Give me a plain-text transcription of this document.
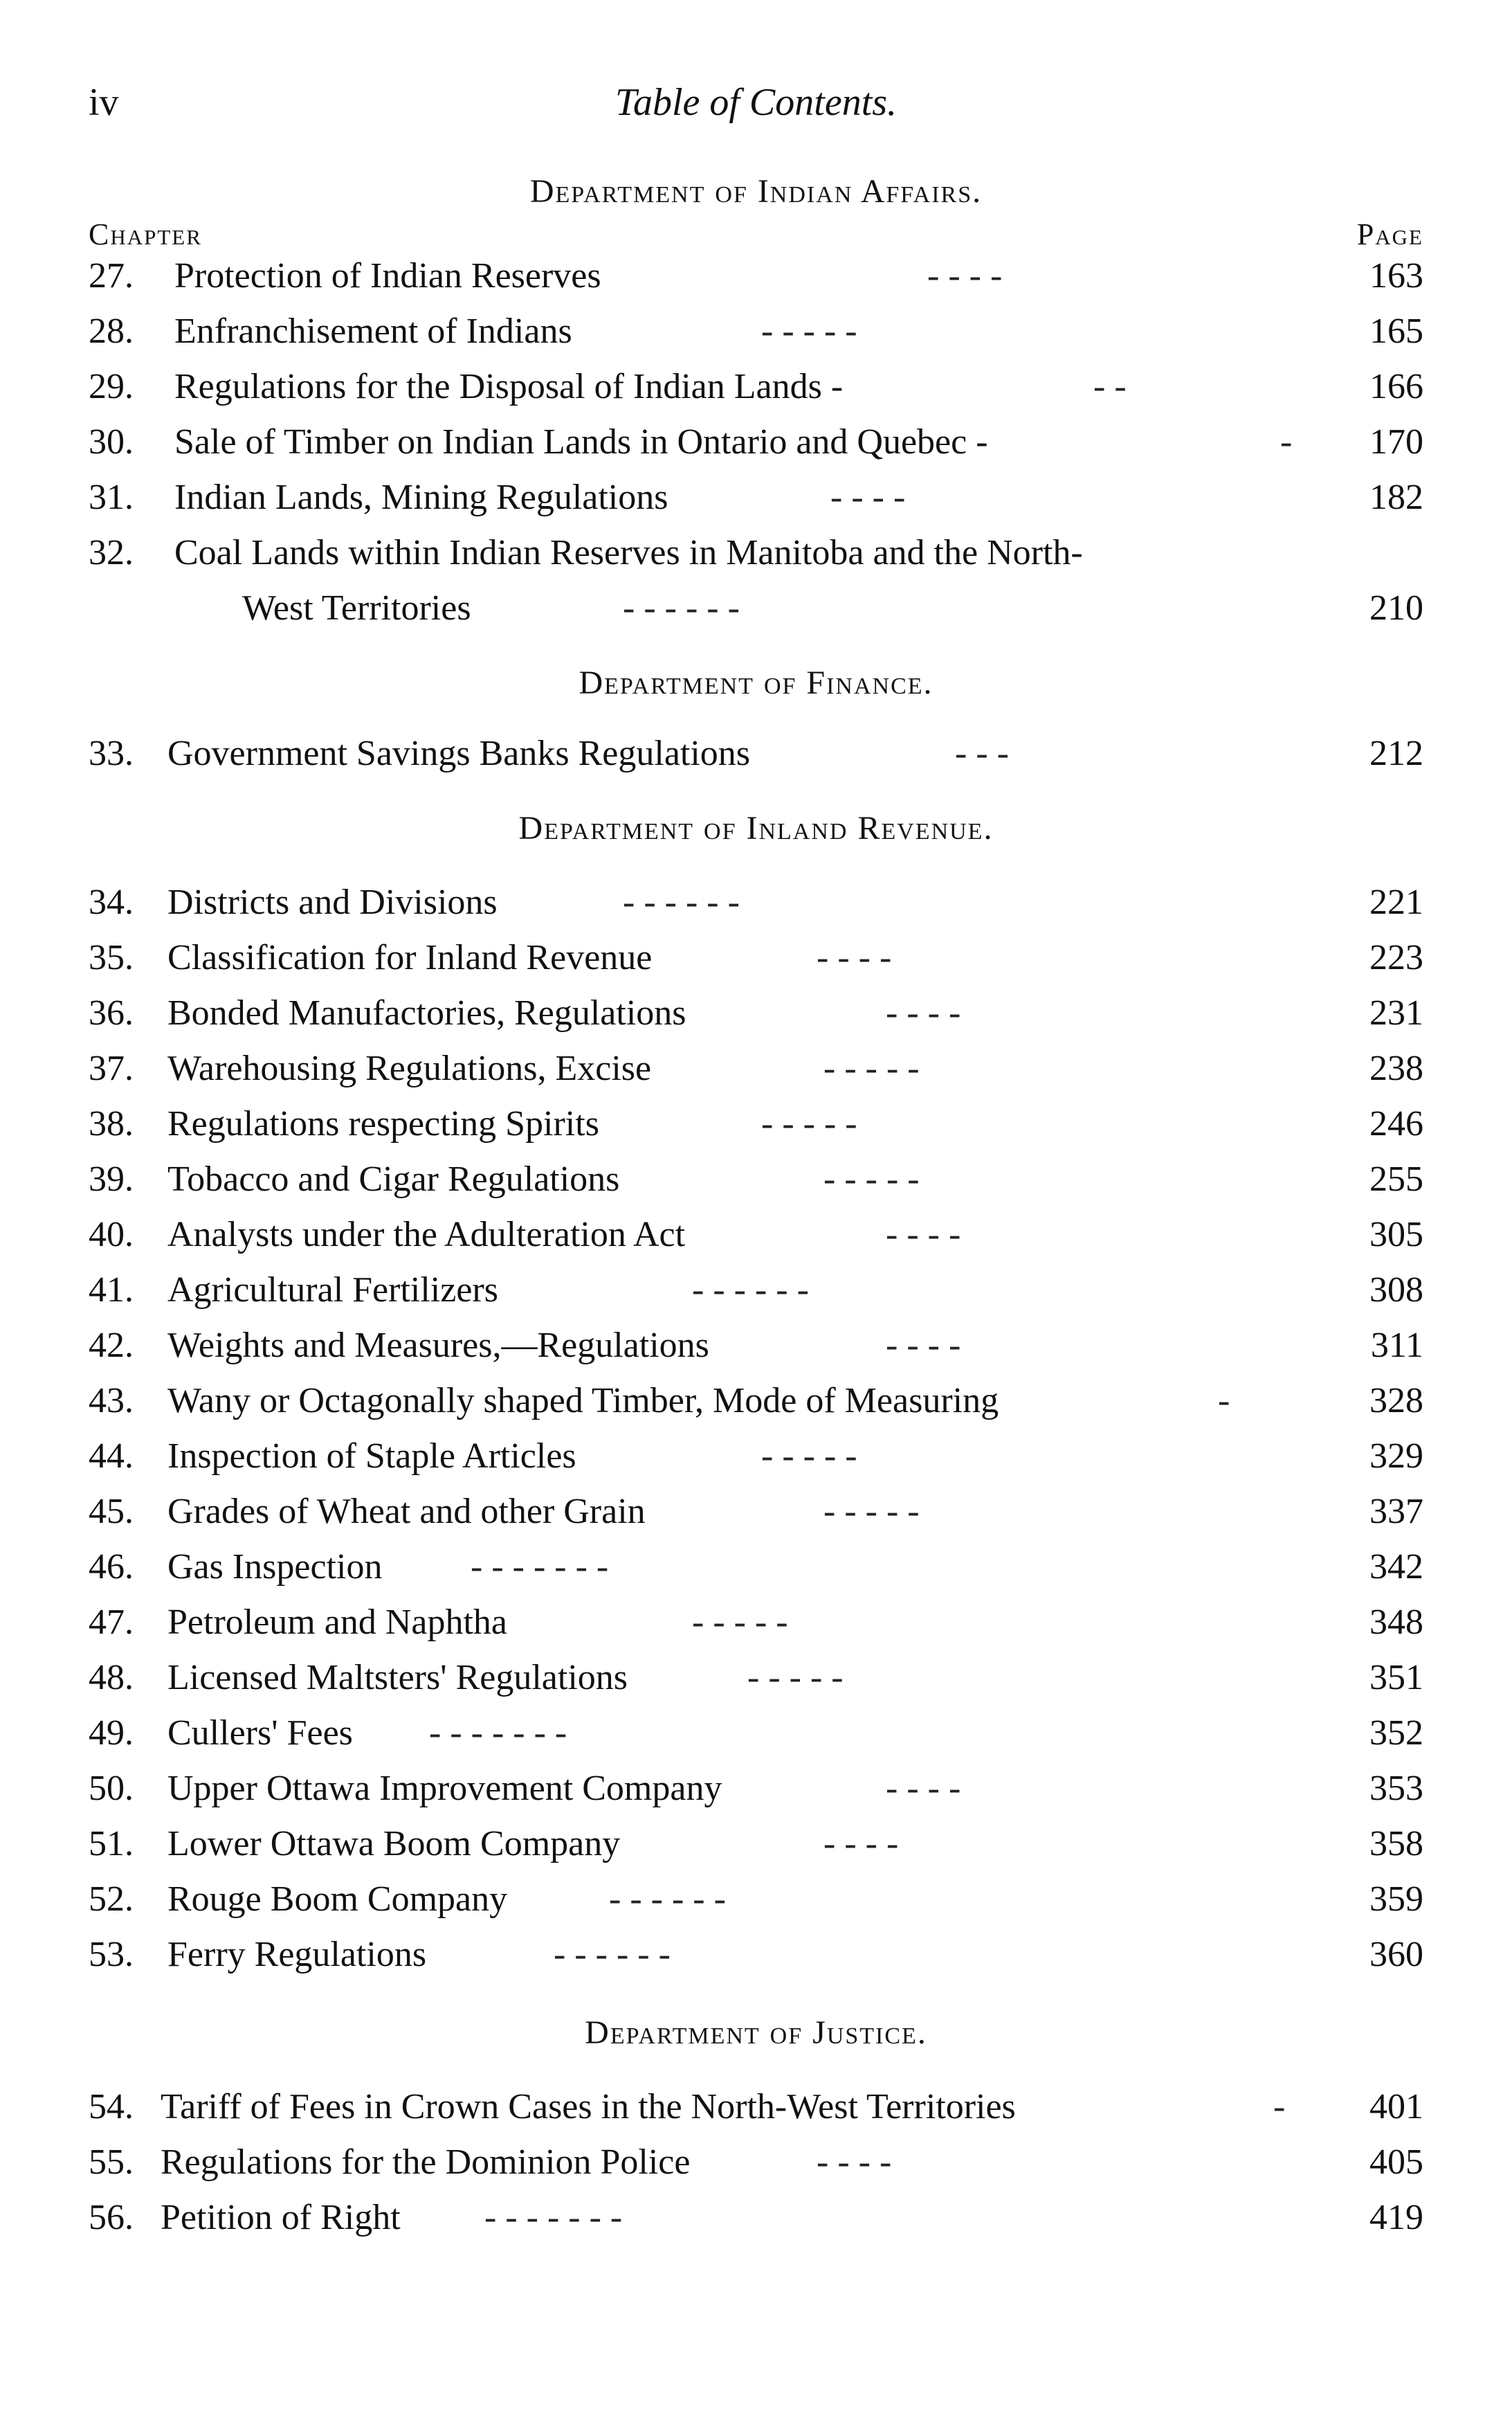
iv	Table of Contents.
Department of Indian Affairs.
Chapter	Page
27. Protection of Indian Reserves	- - - -	163
28. Enfranchisement of Indians	- - - - -	165
29. Regulations for the Disposal of Indian Lands -	- -	166
30. Sale of Timber on Indian Lands in Ontario and Quebec -	-	170
31. Indian Lands, Mining Regulations	- - - -	182
32. Coal Lands within Indian Reserves in Manitoba and the North-
West Territories	- - - - - -	210
Department of Finance.
33. Government Savings Banks Regulations	- - -	212
Department of Inland Revenue.
34. Districts and Divisions	- - - - - -	221
35. Classification for Inland Revenue	- - - -	223
36. Bonded Manufactories, Regulations	- - - -	231
37. Warehousing Regulations, Excise	- - - - -	238
38. Regulations respecting Spirits	- - - - -	246
39. Tobacco and Cigar Regulations	- - - - -	255
40. Analysts under the Adulteration Act	- - - -	305
41. Agricultural Fertilizers	- - - - - -	308
42. Weights and Measures,—Regulations	- - - -	311
43. Wany or Octagonally shaped Timber, Mode of Measuring	-	328
44. Inspection of Staple Articles	- - - - -	329
45. Grades of Wheat and other Grain	- - - - -	337
46. Gas Inspection - - - - - - -	342
47. Petroleum and Naphtha	- - - - -	348
48. Licensed Maltsters' Regulations	- - - - -	351
49. Cullers' Fees - - - - - - -	352
50. Upper Ottawa Improvement Company	- - - -	353
51. Lower Ottawa Boom Company	- - - -	358
52. Rouge Boom Company	- - - - - -	359
53. Ferry Regulations	- - - - - -	360
Department of Justice.
54. Tariff of Fees in Crown Cases in the North-West Territories	-	401
55. Regulations for the Dominion Police	- - - -	405
56. Petition of Right - - - - - - -	419
